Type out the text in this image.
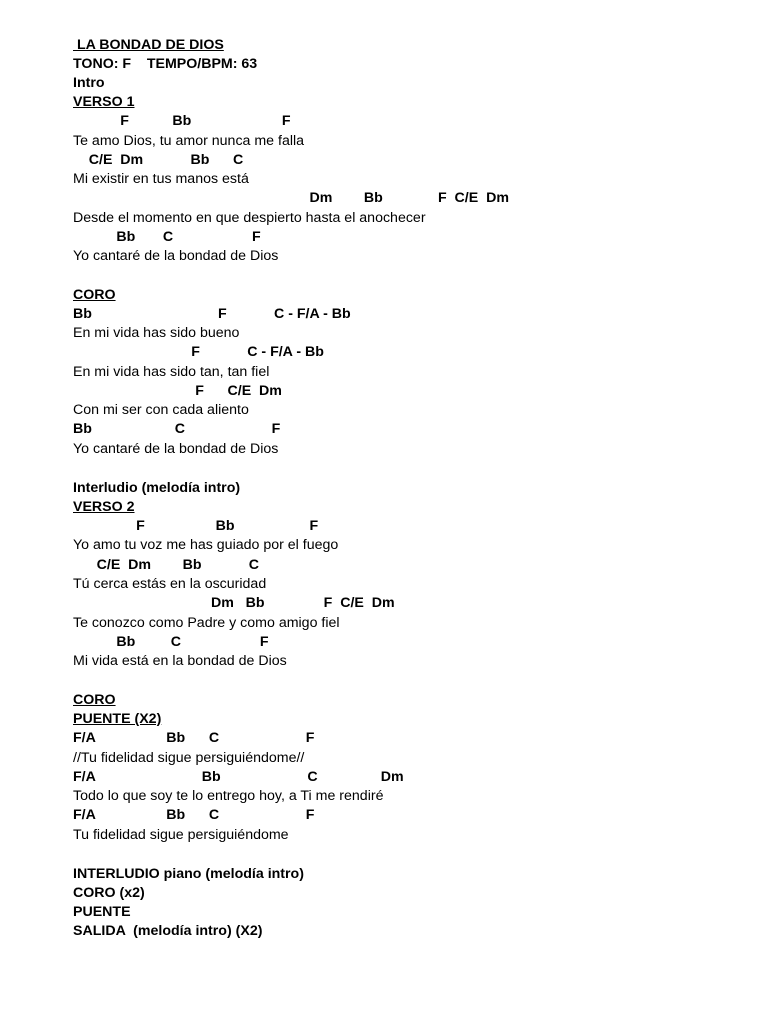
LA BONDAD DE DIOS
TONO: F    TEMPO/BPM: 63
Intro
VERSO 1
F           Bb                       F
Te amo Dios, tu amor nunca me falla
C/E  Dm            Bb      C
Mi existir en tus manos está
Dm        Bb              F  C/E  Dm
Desde el momento en que despierto hasta el anochecer
Bb       C                    F
Yo cantaré de la bondad de Dios
CORO
Bb                                F            C - F/A - Bb
En mi vida has sido bueno
F            C - F/A - Bb
En mi vida has sido tan, tan fiel
F      C/E  Dm
Con mi ser con cada aliento
Bb                     C                      F
Yo cantaré de la bondad de Dios
Interludio (melodía intro)
VERSO 2
F                  Bb                   F
Yo amo tu voz me has guiado por el fuego
C/E  Dm        Bb            C
Tú cerca estás en la oscuridad
Dm   Bb               F  C/E  Dm
Te conozco como Padre y como amigo fiel
Bb         C                    F
Mi vida está en la bondad de Dios
CORO
PUENTE (X2)
F/A                  Bb      C                      F
//Tu fidelidad sigue persiguiéndome//
F/A                           Bb                      C                Dm
Todo lo que soy te lo entrego hoy, a Ti me rendiré
F/A                  Bb      C                      F
Tu fidelidad sigue persiguiéndome
INTERLUDIO piano (melodía intro)
CORO (x2)
PUENTE
SALIDA  (melodía intro) (X2)
